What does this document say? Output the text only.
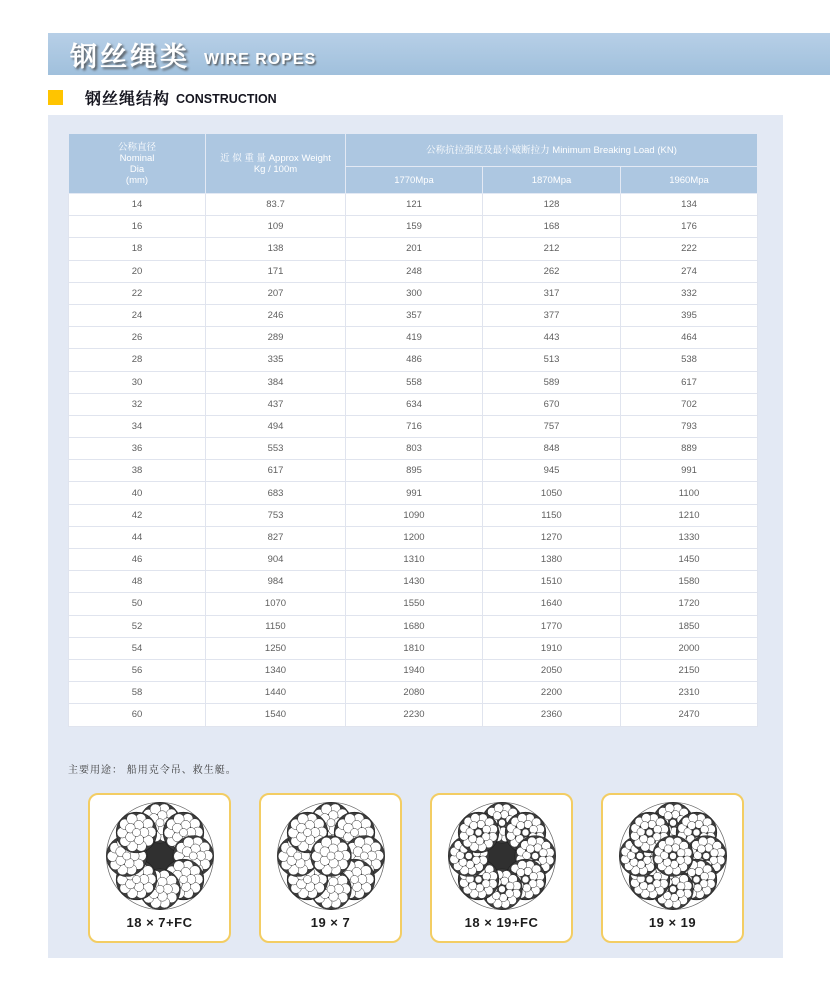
钢丝绳类 WIRE ROPES
钢丝绳结构 CONSTRUCTION
公称直径
Nominal
Dia
(mm)

近 似 重 量 Approx Weight
Kg / 100m
	公称抗拉强度及最小破断拉力 Minimum Breaking Load (KN)
		1770Mpa	1870Mpa	1960Mpa
14	83.7	121	128	134
16	109	159	168	176
18	138	201	212	222
20	171	248	262	274
22	207	300	317	332
24	246	357	377	395
26	289	419	443	464
28	335	486	513	538
30	384	558	589	617
32	437	634	670	702
34	494	716	757	793
36	553	803	848	889
38	617	895	945	991
40	683	991	1050	1100
42	753	1090	1150	1210
44	827	1200	1270	1330
46	904	1310	1380	1450
48	984	1430	1510	1580
50	1070	1550	1640	1720
52	1150	1680	1770	1850
54	1250	1810	1910	2000
56	1340	1940	2050	2150
58	1440	2080	2200	2310
60	1540	2230	2360	2470
主要用途： 船用克令吊、救生艇。
18 × 7+FC	19 × 7	18 × 19+FC	19 × 19
